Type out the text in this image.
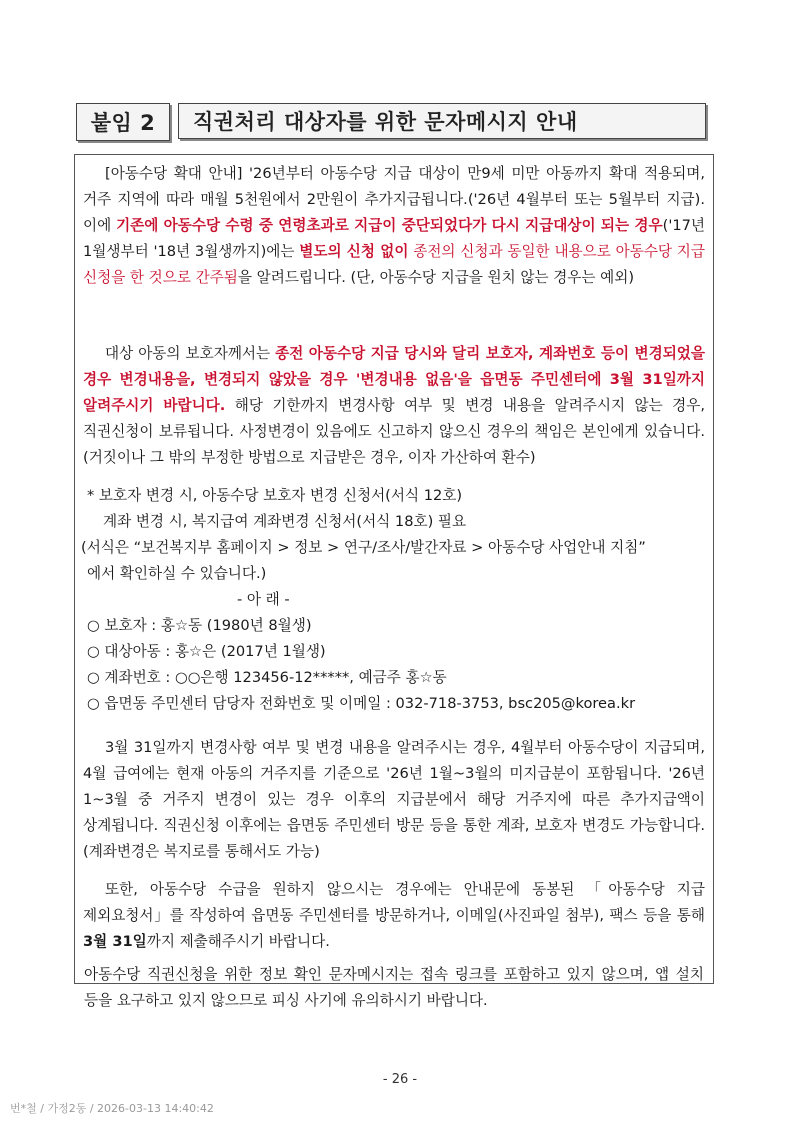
붙임 2	직권처리 대상자를 위한 문자메시지 안내
[아동수당 확대 안내] '26년부터 아동수당 지급 대상이 만9세 미만 아동까지 확대 적용되며, 거주 지역에 따라 매월 5천원에서 2만원이 추가지급됩니다.('26년 4월부터 또는 5월부터 지급). 이에 기존에 아동수당 수령 중 연령초과로 지급이 중단되었다가 다시 지급대상이 되는 경우('17년 1월생부터 '18년 3월생까지)에는 별도의 신청 없이 종전의 신청과 동일한 내용으로 아동수당 지급 신청을 한 것으로 간주됨을 알려드립니다. (단, 아동수당 지급을 원치 않는 경우는 예외)
대상 아동의 보호자께서는 종전 아동수당 지급 당시와 달리 보호자, 계좌번호 등이 변경되었을 경우 변경내용을, 변경되지 않았을 경우 '변경내용 없음'을 읍면동 주민센터에 3월 31일까지 알려주시기 바랍니다. 해당 기한까지 변경사항 여부 및 변경 내용을 알려주시지 않는 경우, 직권신청이 보류됩니다. 사정변경이 있음에도 신고하지 않으신 경우의 책임은 본인에게 있습니다. (거짓이나 그 밖의 부정한 방법으로 지급받은 경우, 이자 가산하여 환수)
* 보호자 변경 시, 아동수당 보호자 변경 신청서(서식 12호)
계좌 변경 시, 복지급여 계좌변경 신청서(서식 18호) 필요
(서식은 “보건복지부 홈페이지 > 정보 > 연구/조사/발간자료 > 아동수당 사업안내 지침”
에서 확인하실 수 있습니다.)
- 아 래 -
○ 보호자 : 홍☆동 (1980년 8월생)
○ 대상아동 : 홍☆은 (2017년 1월생)
○ 계좌번호 : ○○은행 123456-12*****, 예금주 홍☆동
○ 읍면동 주민센터 담당자 전화번호 및 이메일 : 032-718-3753, bsc205@korea.kr
3월 31일까지 변경사항 여부 및 변경 내용을 알려주시는 경우, 4월부터 아동수당이 지급되며, 4월 급여에는 현재 아동의 거주지를 기준으로 '26년 1월~3월의 미지급분이 포함됩니다. '26년 1~3월 중 거주지 변경이 있는 경우 이후의 지급분에서 해당 거주지에 따른 추가지급액이 상계됩니다. 직권신청 이후에는 읍면동 주민센터 방문 등을 통한 계좌, 보호자 변경도 가능합니다. (계좌변경은 복지로를 통해서도 가능)
또한, 아동수당 수급을 원하지 않으시는 경우에는 안내문에 동봉된 「아동수당 지급 제외요청서」를 작성하여 읍면동 주민센터를 방문하거나, 이메일(사진파일 첨부), 팩스 등을 통해 3월 31일까지 제출해주시기 바랍니다.
아동수당 직권신청을 위한 정보 확인 문자메시지는 접속 링크를 포함하고 있지 않으며, 앱 설치 등을 요구하고 있지 않으므로 피싱 사기에 유의하시기 바랍니다.
- 26 -
번*철 / 가정2동 / 2026-03-13 14:40:42
